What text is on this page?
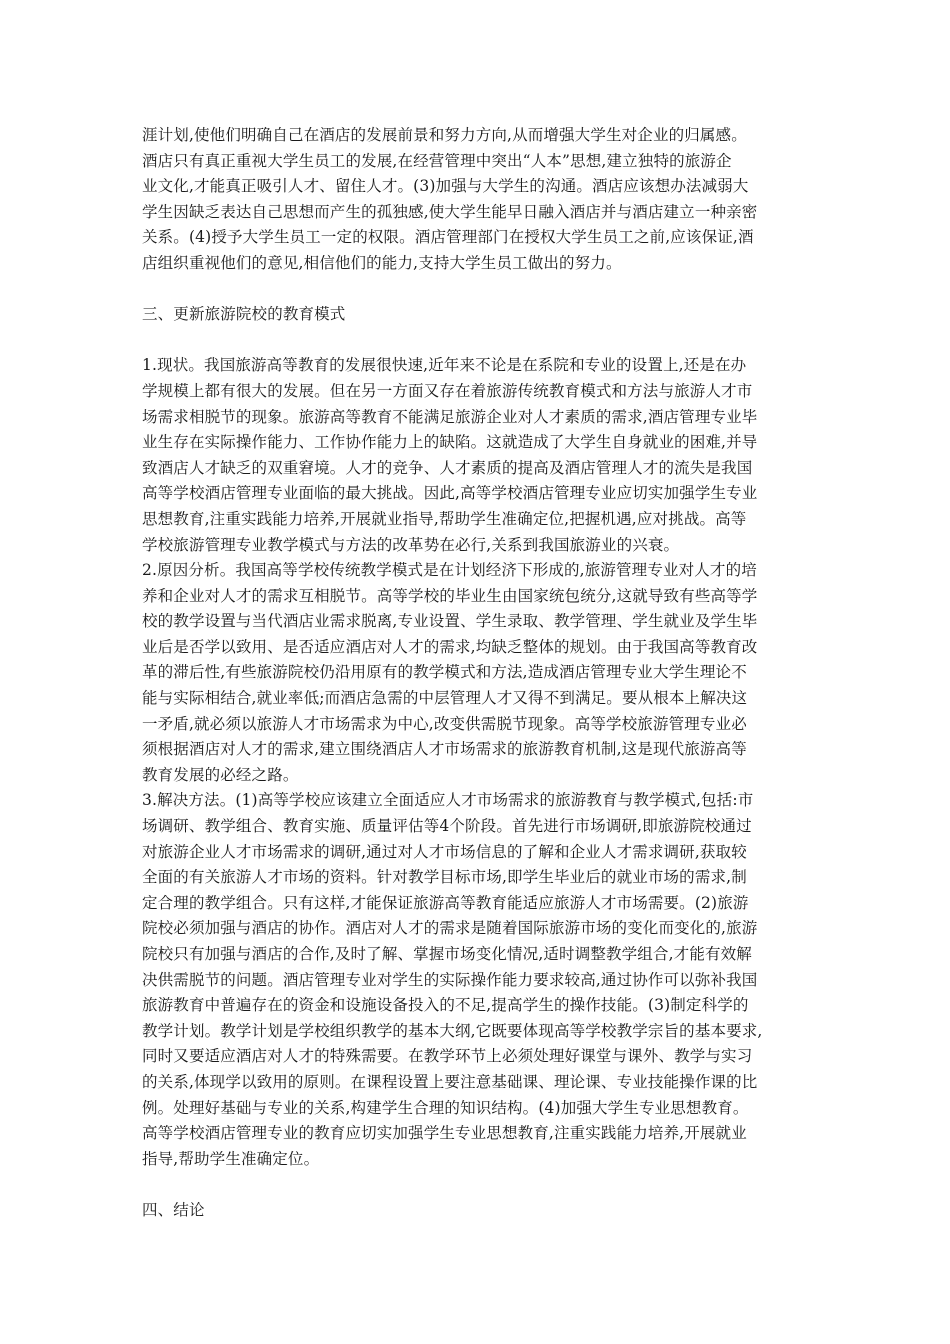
涯计划,使他们明确自己在酒店的发展前景和努力方向,从而增强大学生对企业的归属感。
酒店只有真正重视大学生员工的发展,在经营管理中突出“人本”思想,建立独特的旅游企
业文化,才能真正吸引人才、留住人才。(3)加强与大学生的沟通。酒店应该想办法减弱大
学生因缺乏表达自己思想而产生的孤独感,使大学生能早日融入酒店并与酒店建立一种亲密
关系。(4)授予大学生员工一定的权限。酒店管理部门在授权大学生员工之前,应该保证,酒
店组织重视他们的意见,相信他们的能力,支持大学生员工做出的努力。

三、更新旅游院校的教育模式

1.现状。我国旅游高等教育的发展很快速,近年来不论是在系院和专业的设置上,还是在办
学规模上都有很大的发展。但在另一方面又存在着旅游传统教育模式和方法与旅游人才市
场需求相脱节的现象。旅游高等教育不能满足旅游企业对人才素质的需求,酒店管理专业毕
业生存在实际操作能力、工作协作能力上的缺陷。这就造成了大学生自身就业的困难,并导
致酒店人才缺乏的双重窘境。人才的竞争、人才素质的提高及酒店管理人才的流失是我国
高等学校酒店管理专业面临的最大挑战。因此,高等学校酒店管理专业应切实加强学生专业
思想教育,注重实践能力培养,开展就业指导,帮助学生准确定位,把握机遇,应对挑战。高等
学校旅游管理专业教学模式与方法的改革势在必行,关系到我国旅游业的兴衰。

2.原因分析。我国高等学校传统教学模式是在计划经济下形成的,旅游管理专业对人才的培
养和企业对人才的需求互相脱节。高等学校的毕业生由国家统包统分,这就导致有些高等学
校的教学设置与当代酒店业需求脱离,专业设置、学生录取、教学管理、学生就业及学生毕
业后是否学以致用、是否适应酒店对人才的需求,均缺乏整体的规划。由于我国高等教育改
革的滞后性,有些旅游院校仍沿用原有的教学模式和方法,造成酒店管理专业大学生理论不
能与实际相结合,就业率低;而酒店急需的中层管理人才又得不到满足。要从根本上解决这
一矛盾,就必须以旅游人才市场需求为中心,改变供需脱节现象。高等学校旅游管理专业必
须根据酒店对人才的需求,建立围绕酒店人才市场需求的旅游教育机制,这是现代旅游高等
教育发展的必经之路。

3.解决方法。(1)高等学校应该建立全面适应人才市场需求的旅游教育与教学模式,包括:市
场调研、教学组合、教育实施、质量评估等4个阶段。首先进行市场调研,即旅游院校通过
对旅游企业人才市场需求的调研,通过对人才市场信息的了解和企业人才需求调研,获取较
全面的有关旅游人才市场的资料。针对教学目标市场,即学生毕业后的就业市场的需求,制
定合理的教学组合。只有这样,才能保证旅游高等教育能适应旅游人才市场需要。(2)旅游
院校必须加强与酒店的协作。酒店对人才的需求是随着国际旅游市场的变化而变化的,旅游
院校只有加强与酒店的合作,及时了解、掌握市场变化情况,适时调整教学组合,才能有效解
决供需脱节的问题。酒店管理专业对学生的实际操作能力要求较高,通过协作可以弥补我国
旅游教育中普遍存在的资金和设施设备投入的不足,提高学生的操作技能。(3)制定科学的
教学计划。教学计划是学校组织教学的基本大纲,它既要体现高等学校教学宗旨的基本要求,
同时又要适应酒店对人才的特殊需要。在教学环节上必须处理好课堂与课外、教学与实习
的关系,体现学以致用的原则。在课程设置上要注意基础课、理论课、专业技能操作课的比
例。处理好基础与专业的关系,构建学生合理的知识结构。(4)加强大学生专业思想教育。
高等学校酒店管理专业的教育应切实加强学生专业思想教育,注重实践能力培养,开展就业
指导,帮助学生准确定位。

四、结论
